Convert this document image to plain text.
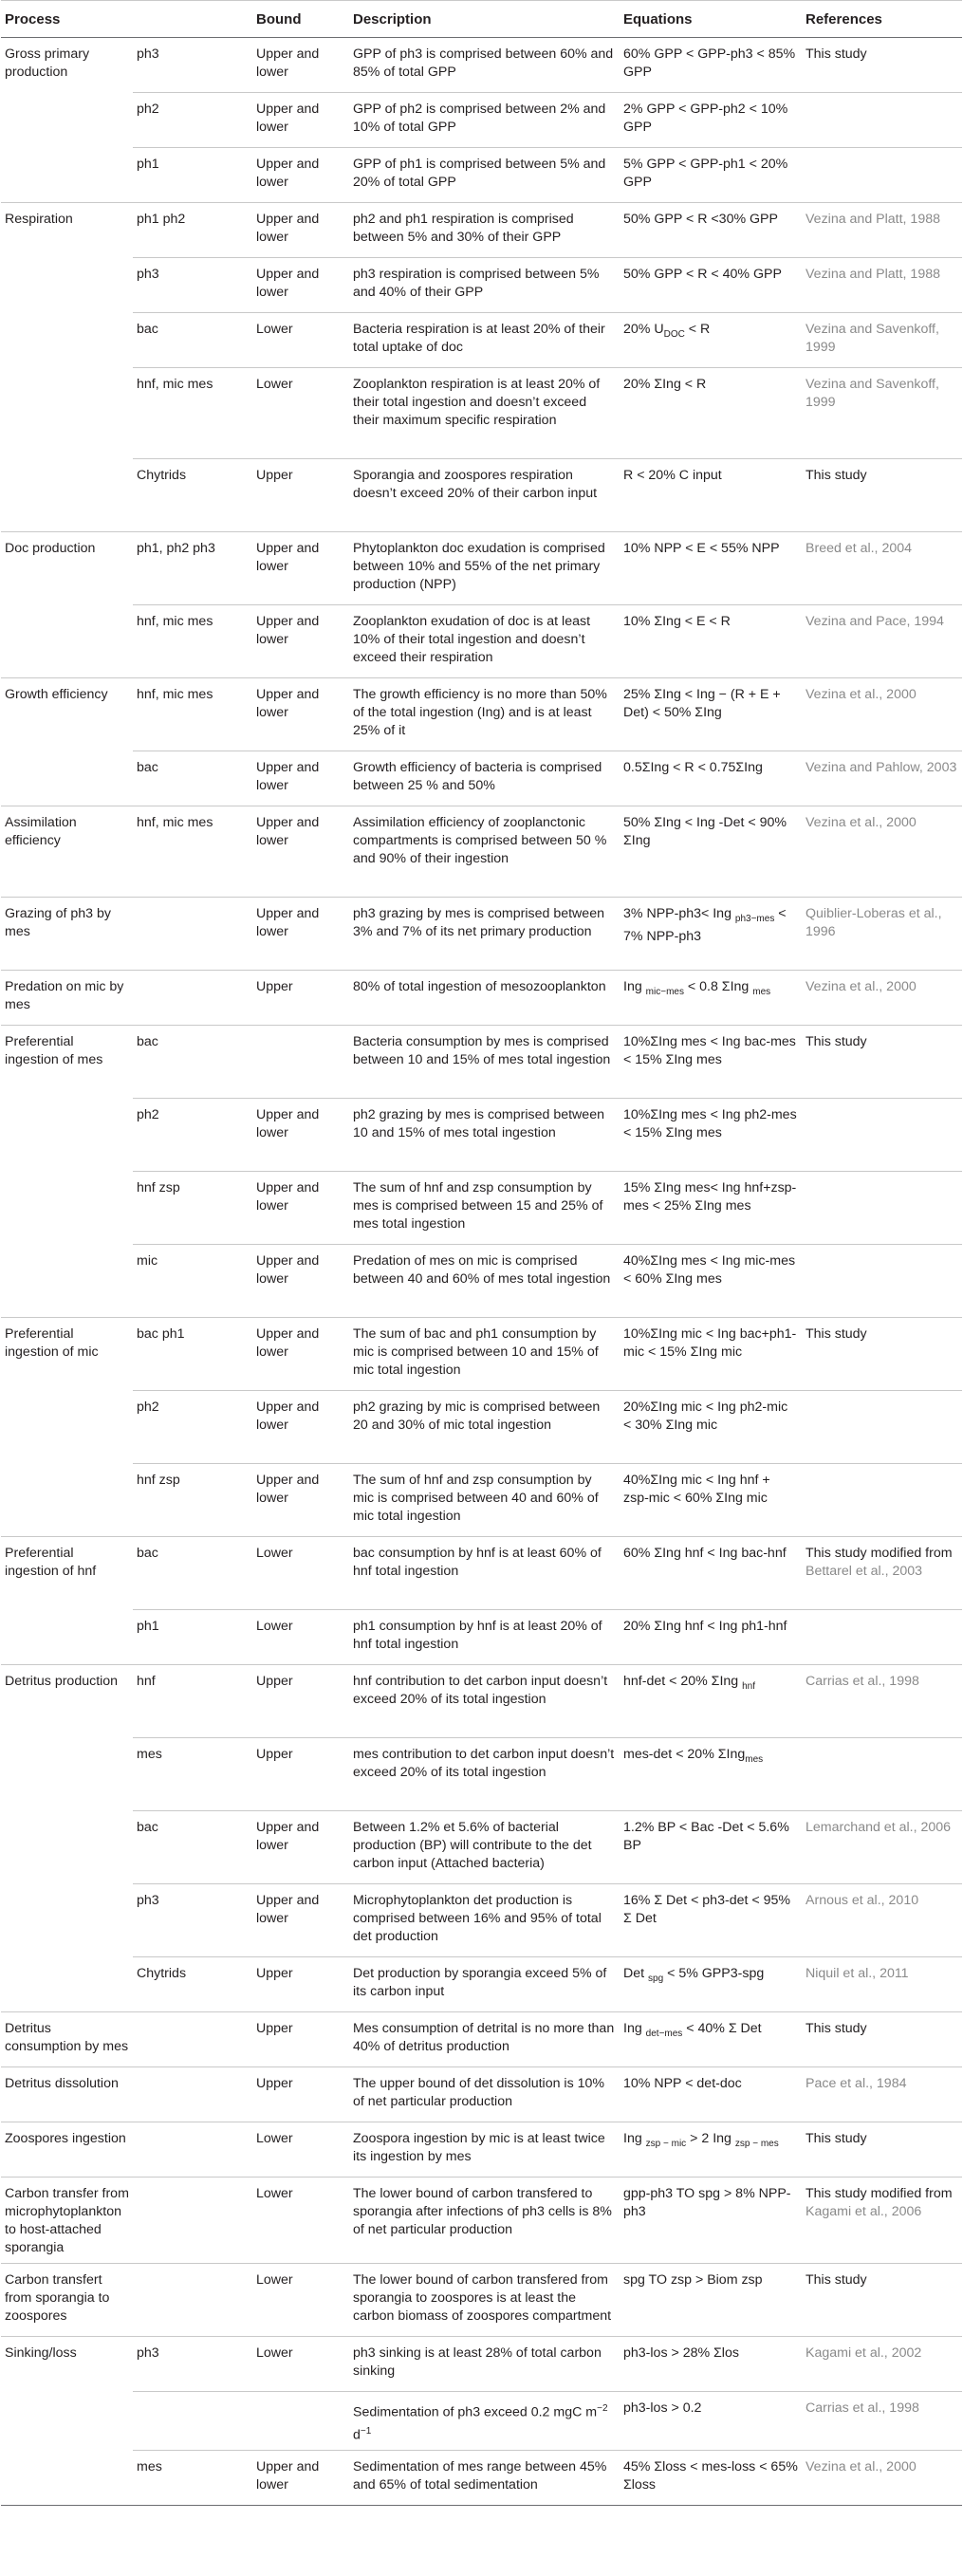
Process		Bound	Description	Equations	References
Gross primary production	ph3	Upper and lower	GPP of ph3 is comprised between 60% and 85% of total GPP	60% GPP < GPP-ph3 < 85% GPP	This study
	ph2	Upper and lower	GPP of ph2 is comprised between 2% and 10% of total GPP	2% GPP < GPP-ph2 < 10% GPP	
	ph1	Upper and lower	GPP of ph1 is comprised between 5% and 20% of total GPP	5% GPP < GPP-ph1 < 20% GPP	
Respiration	ph1 ph2	Upper and lower	ph2 and ph1 respiration is comprised between 5% and 30% of their GPP	50% GPP < R <30% GPP	Vezina and Platt, 1988
	ph3	Upper and lower	ph3 respiration is comprised between 5% and 40% of their GPP	50% GPP < R < 40% GPP	Vezina and Platt, 1988
	bac	Lower	Bacteria respiration is at least 20% of their total uptake of doc	20% $U_{DOC} < R$	Vezina and Savenkoff, 1999
	hnf, mic mes	Lower	Zooplankton respiration is at least 20% of their total ingestion and doesn’t exceed their maximum specific respiration	20% ΣIng < R	Vezina and Savenkoff, 1999
	Chytrids	Upper	Sporangia and zoospores respiration doesn’t exceed 20% of their carbon input	R < 20% C input	This study
Doc production	ph1, ph2 ph3	Upper and lower	Phytoplankton doc exudation is comprised between 10% and 55% of the net primary production (NPP)	10% NPP < E < 55% NPP	Breed et al., 2004
	hnf, mic mes	Upper and lower	Zooplankton exudation of doc is at least 10% of their total ingestion and doesn’t exceed their respiration	10% ΣIng < E < R	Vezina and Pace, 1994
Growth efficiency	hnf, mic mes	Upper and lower	The growth efficiency is no more than 50% of the total ingestion (Ing) and is at least 25% of it	25% ΣIng < Ing − (R + E + Det) < 50% ΣIng	Vezina et al., 2000
	bac	Upper and lower	Growth efficiency of bacteria is comprised between 25 % and 50%	0.5ΣIng < R < 0.75ΣIng	Vezina and Pahlow, 2003
Assimilation efficiency	hnf, mic mes	Upper and lower	Assimilation efficiency of zooplanctonic compartments is comprised between 50 % and 90% of their ingestion	50% ΣIng < Ing -Det < 90% ΣIng	Vezina et al., 2000
Grazing of ph3 by mes		Upper and lower	ph3 grazing by mes is comprised between 3% and 7% of its net primary production	3% NPP-ph3< Ing $_{ph3-mes}$ < 7% NPP-ph3	Quiblier-Loberas et al., 1996
Predation on mic by mes		Upper	80% of total ingestion of mesozooplankton	Ing $_{mic-mes}$ < 0.8 ΣIng $_{mes}$	Vezina et al., 2000
Preferential ingestion of mes	bac		Bacteria consumption by mes is comprised between 10 and 15% of mes total ingestion	10%ΣIng mes < Ing bac-mes < 15% ΣIng mes	This study
	ph2	Upper and lower	ph2 grazing by mes is comprised between 10 and 15% of mes total ingestion	10%ΣIng mes < Ing ph2-mes < 15% ΣIng mes	
	hnf zsp	Upper and lower	The sum of hnf and zsp consumption by mes is comprised between 15 and 25% of mes total ingestion	15% ΣIng mes< Ing hnf+zsp-mes < 25% ΣIng mes	
	mic	Upper and lower	Predation of mes on mic is comprised between 40 and 60% of mes total ingestion	40%ΣIng mes < Ing mic-mes < 60% ΣIng mes	
Preferential ingestion of mic	bac ph1	Upper and lower	The sum of bac and ph1 consumption by mic is comprised between 10 and 15% of mic total ingestion	10%ΣIng mic < Ing bac+ph1-mic < 15% ΣIng mic	This study
	ph2	Upper and lower	ph2 grazing by mic is comprised between 20 and 30% of mic total ingestion	20%ΣIng mic < Ing ph2-mic < 30% ΣIng mic	
	hnf zsp	Upper and lower	The sum of hnf and zsp consumption by mic is comprised between 40 and 60% of mic total ingestion	40%ΣIng mic < Ing hnf + zsp-mic < 60% ΣIng mic	
Preferential ingestion of hnf	bac	Lower	bac consumption by hnf is at least 60% of hnf total ingestion	60% ΣIng hnf < Ing bac-hnf	This study modified from Bettarel et al., 2003
	ph1	Lower	ph1 consumption by hnf is at least 20% of hnf total ingestion	20% ΣIng hnf < Ing ph1-hnf	
Detritus production	hnf	Upper	hnf contribution to det carbon input doesn’t exceed 20% of its total ingestion	hnf-det < 20% ΣIng $_{hnf}$	Carrias et al., 1998
	mes	Upper	mes contribution to det carbon input doesn’t exceed 20% of its total ingestion	mes-det < 20% ΣIng$_{mes}$	
	bac	Upper and lower	Between 1.2% et 5.6% of bacterial production (BP) will contribute to the det carbon input (Attached bacteria)	1.2% BP < Bac -Det < 5.6% BP	Lemarchand et al., 2006
	ph3	Upper and lower	Microphytoplankton det production is comprised between 16% and 95% of total det production	16% Σ Det < ph3-det < 95% Σ Det	Arnous et al., 2010
	Chytrids	Upper	Det production by sporangia exceed 5% of its carbon input	Det $_{spg}$ < 5% GPP3-spg	Niquil et al., 2011
Detritus consumption by mes		Upper	Mes consumption of detrital is no more than 40% of detritus production	Ing $_{det-mes}$ < 40% Σ Det	This study
Detritus dissolution		Upper	The upper bound of det dissolution is 10% of net particular production	10% NPP < det-doc	Pace et al., 1984
Zoospores ingestion		Lower	Zoospora ingestion by mic is at least twice its ingestion by mes	Ing $_{zsp - mic}$ > 2 Ing $_{zsp - mes}$	This study
Carbon transfer from microphytoplankton to host-attached sporangia		Lower	The lower bound of carbon transfered to sporangia after infections of ph3 cells is 8% of net particular production	gpp-ph3 TO spg > 8% NPP-ph3	This study modified from Kagami et al., 2006
Carbon transfert from sporangia to zoospores		Lower	The lower bound of carbon transfered from sporangia to zoospores is at least the carbon biomass of zoospores compartment	spg TO zsp > Biom zsp	This study
Sinking/loss	ph3	Lower	ph3 sinking is at least 28% of total carbon sinking	ph3-los > 28% Σlos	Kagami et al., 2002
			Sedimentation of ph3 exceed 0.2 mgC $m^{-2}$ $d^{-1}$	ph3-los > 0.2	Carrias et al., 1998
	mes	Upper and lower	Sedimentation of mes range between 45% and 65% of total sedimentation	45% Σloss < mes-loss < 65% Σloss	Vezina et al., 2000
